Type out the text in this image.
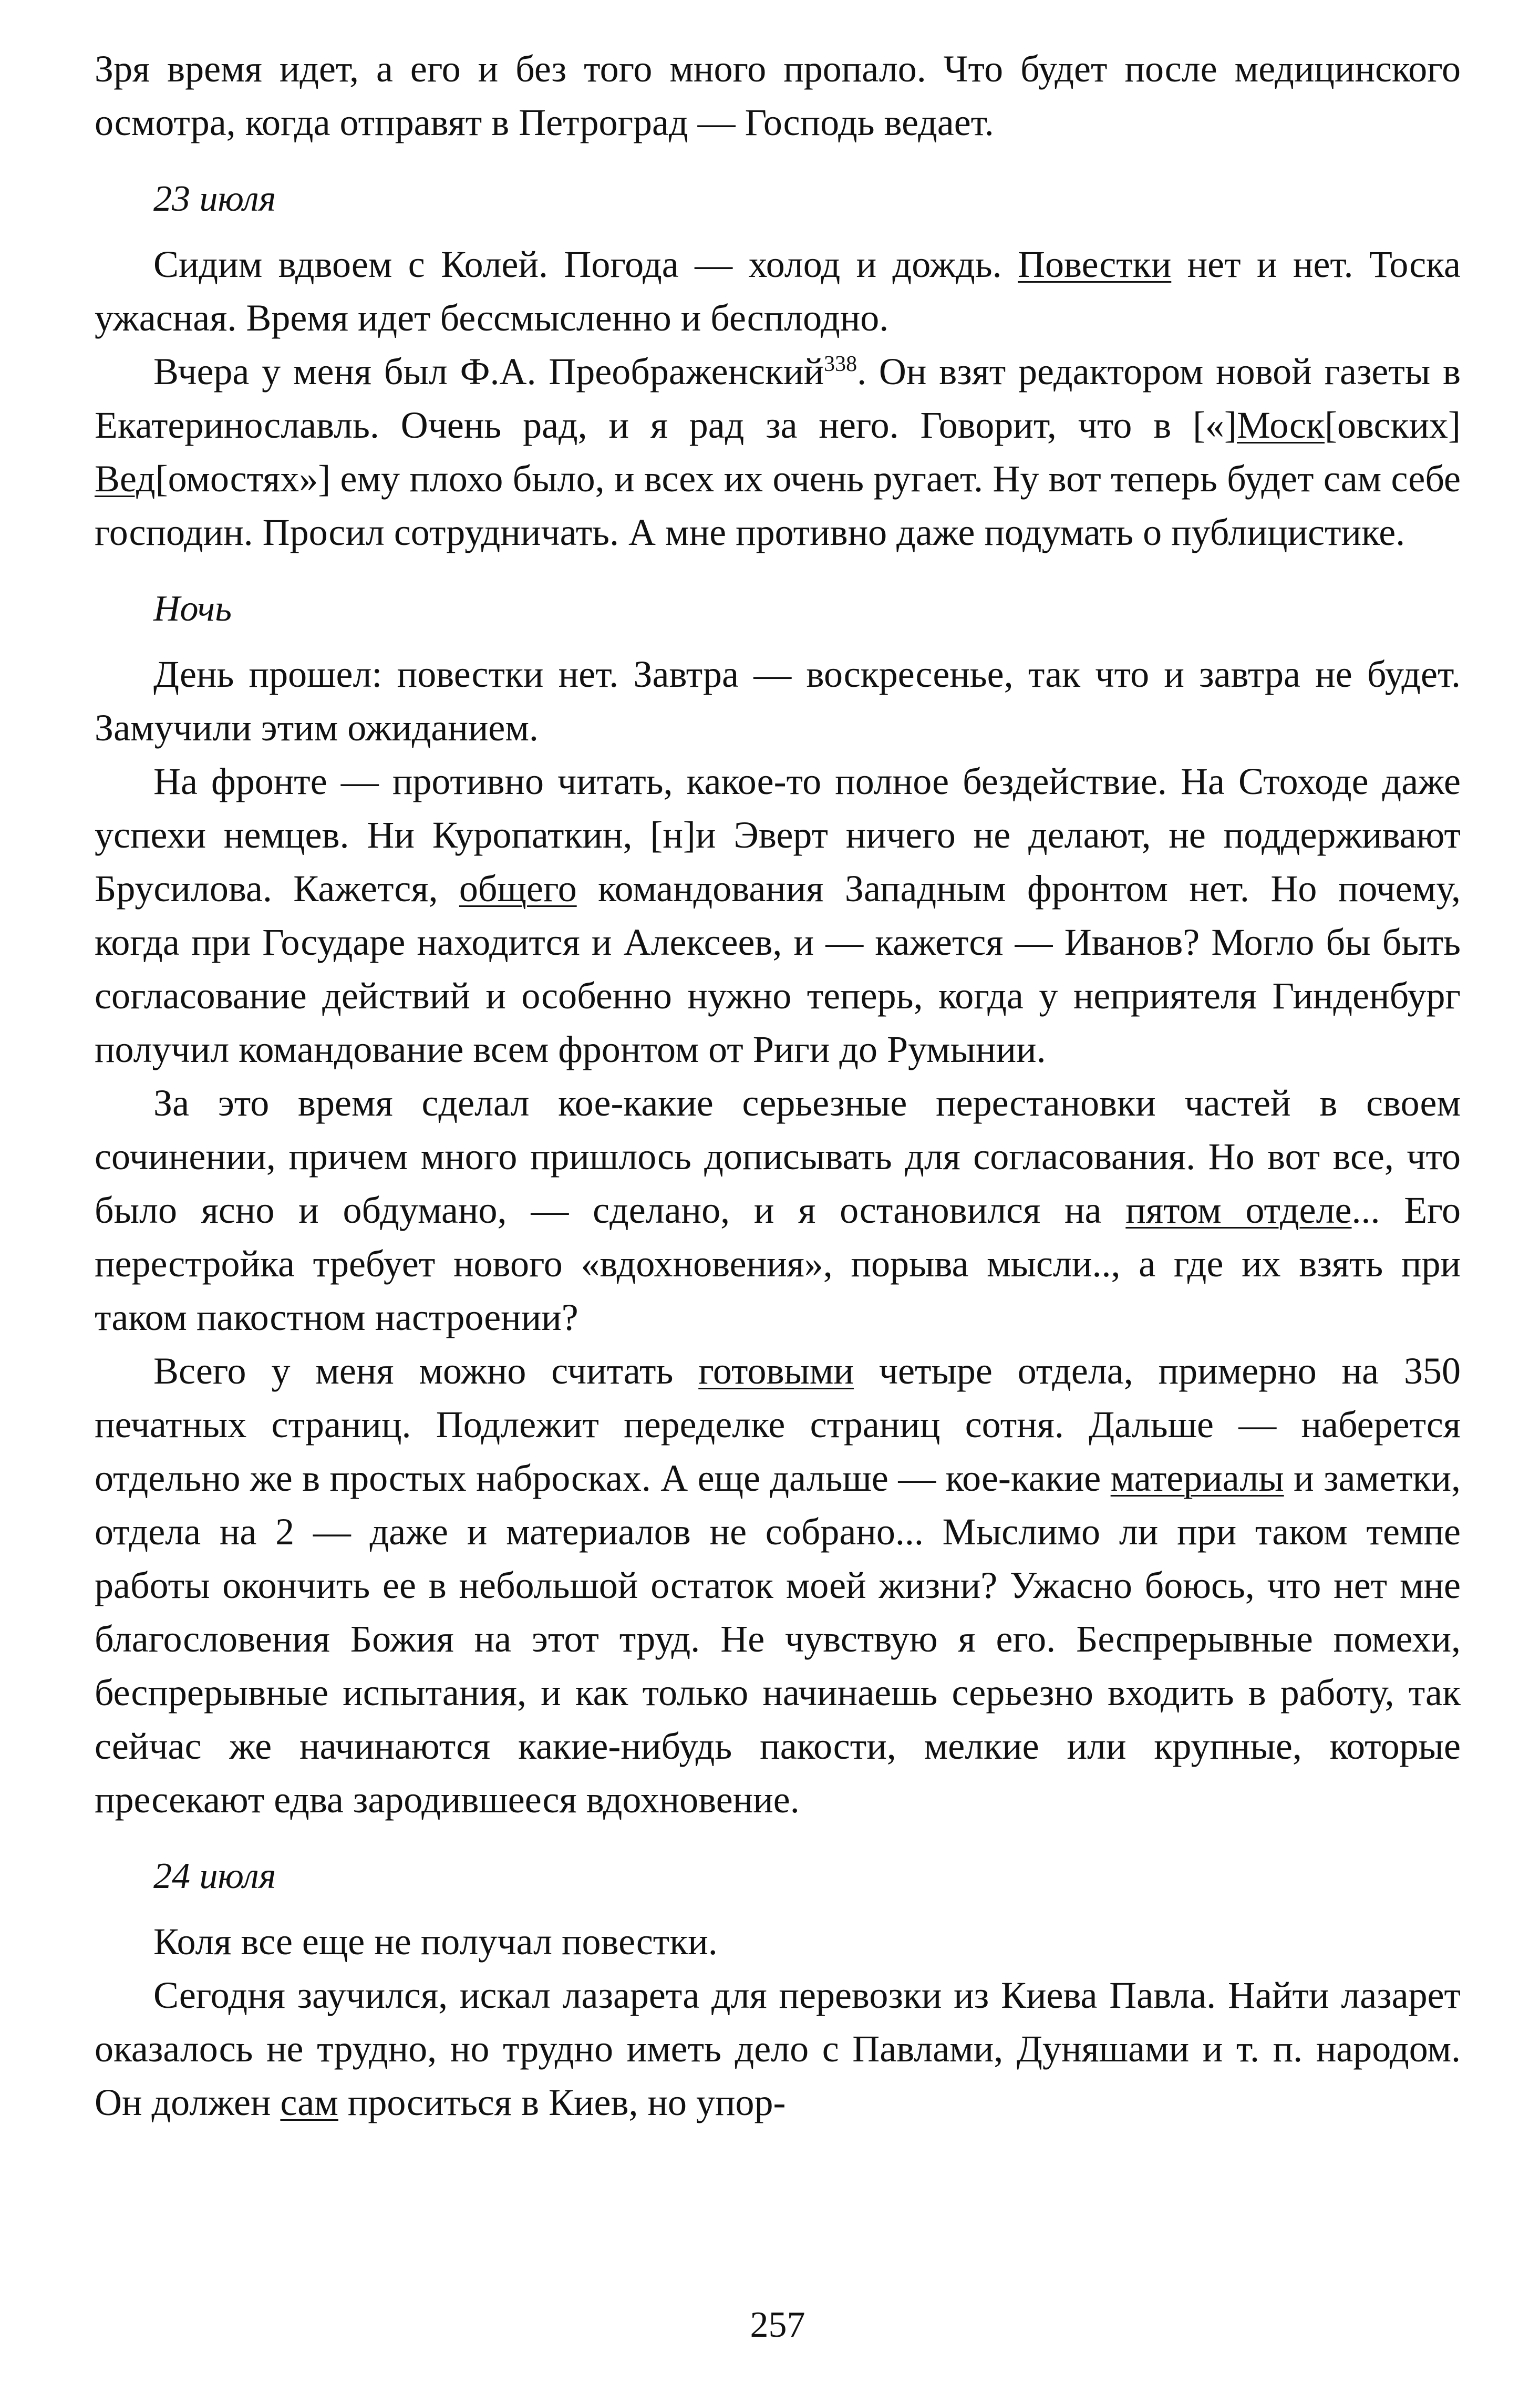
Зря время идет, а его и без того много пропало. Что будет после медицинского осмотра, когда отправят в Петроград — Господь ведает.

23 июля

Сидим вдвоем с Колей. Погода — холод и дождь. Повестки нет и нет. Тоска ужасная. Время идет бессмысленно и бесплодно.

Вчера у меня был Ф.А. Преображенский$^{338}$. Он взят редактором новой газеты в Екатеринославль. Очень рад, и я рад за него. Говорит, что в [«]Моск[овских] Вед[омостях»] ему плохо было, и всех их очень ругает. Ну вот теперь будет сам себе господин. Просил сотрудничать. А мне противно даже подумать о публицистике.

Ночь

День прошел: повестки нет. Завтра — воскресенье, так что и завтра не будет. Замучили этим ожиданием.

На фронте — противно читать, какое-то полное бездействие. На Стоходе даже успехи немцев. Ни Куропаткин, [н]и Эверт ничего не делают, не поддерживают Брусилова. Кажется, общего командования Западным фронтом нет. Но почему, когда при Государе находится и Алексеев, и — кажется — Иванов? Могло бы быть согласование действий и особенно нужно теперь, когда у неприятеля Гинденбург получил командование всем фронтом от Риги до Румынии.

За это время сделал кое-какие серьезные перестановки частей в своем сочинении, причем много пришлось дописывать для согласования. Но вот все, что было ясно и обдумано, — сделано, и я остановился на пятом отделе... Его перестройка требует нового «вдохновения», порыва мысли.., а где их взять при таком пакостном настроении?

Всего у меня можно считать готовыми четыре отдела, примерно на 350 печатных страниц. Подлежит переделке страниц сотня. Дальше — наберется отдельно же в простых набросках. А еще дальше — кое-какие материалы и заметки, отдела на 2 — даже и материалов не собрано... Мыслимо ли при таком темпе работы окончить ее в небольшой остаток моей жизни? Ужасно боюсь, что нет мне благословения Божия на этот труд. Не чувствую я его. Беспрерывные помехи, беспрерывные испытания, и как только начинаешь серьезно входить в работу, так сейчас же начинаются какие-нибудь пакости, мелкие или крупные, которые пресекают едва зародившееся вдохновение.

24 июля

Коля все еще не получал повестки.

Сегодня заучился, искал лазарета для перевозки из Киева Павла. Найти лазарет оказалось не трудно, но трудно иметь дело с Павлами, Дуняшами и т. п. народом. Он должен сам проситься в Киев, но упор-

257
